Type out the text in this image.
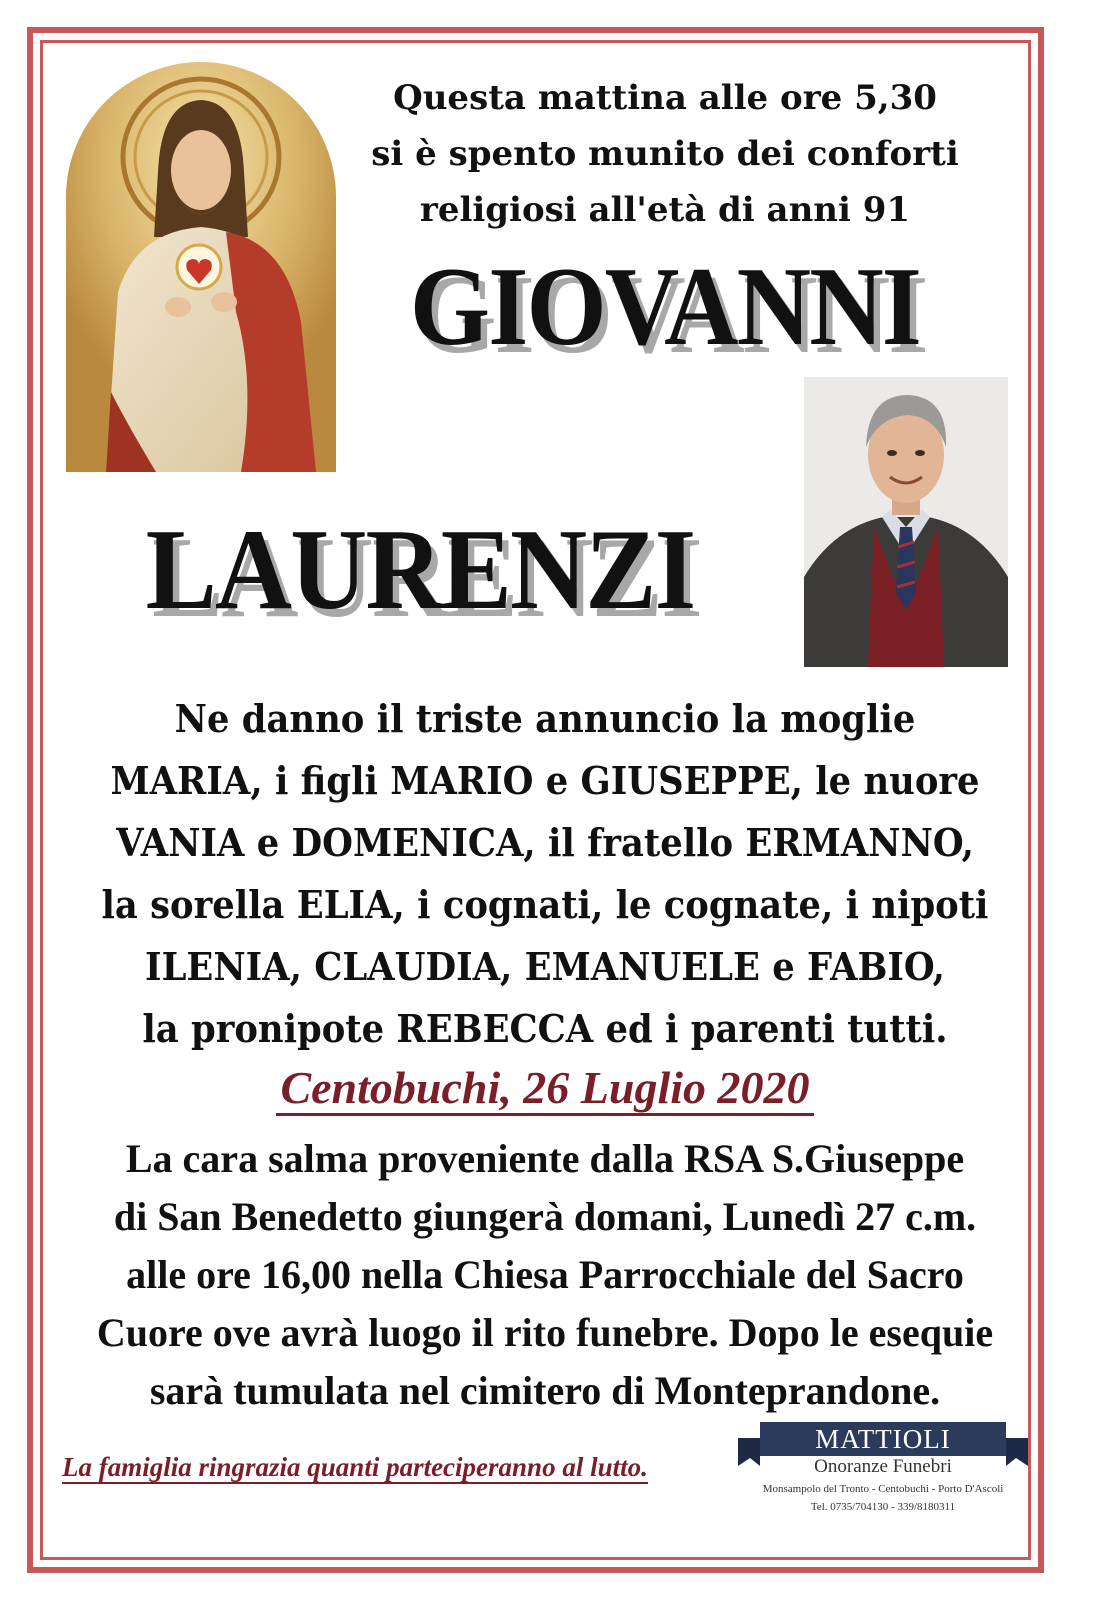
Questa mattina alle ore 5,30
si è spento munito dei conforti
religiosi all'età di anni 91
GIOVANNI
LAURENZI
Ne danno il triste annuncio la moglie
MARIA, i figli MARIO e GIUSEPPE, le nuore
VANIA e DOMENICA, il fratello ERMANNO,
la sorella ELIA, i cognati, le cognate, i nipoti
ILENIA, CLAUDIA, EMANUELE e FABIO,
la pronipote REBECCA ed i parenti tutti.
Centobuchi, 26 Luglio 2020
La cara salma proveniente dalla RSA S.Giuseppe
di San Benedetto giungerà domani, Lunedì 27 c.m.
alle ore 16,00 nella Chiesa Parrocchiale del Sacro
Cuore ove avrà luogo il rito funebre. Dopo le esequie
sarà tumulata nel cimitero di Monteprandone.
La famiglia ringrazia quanti parteciperanno al lutto.
MATTIOLI
Onoranze Funebri
Monsampolo del Tronto - Centobuchi - Porto D'Ascoli
Tel. 0735/704130 - 339/8180311
